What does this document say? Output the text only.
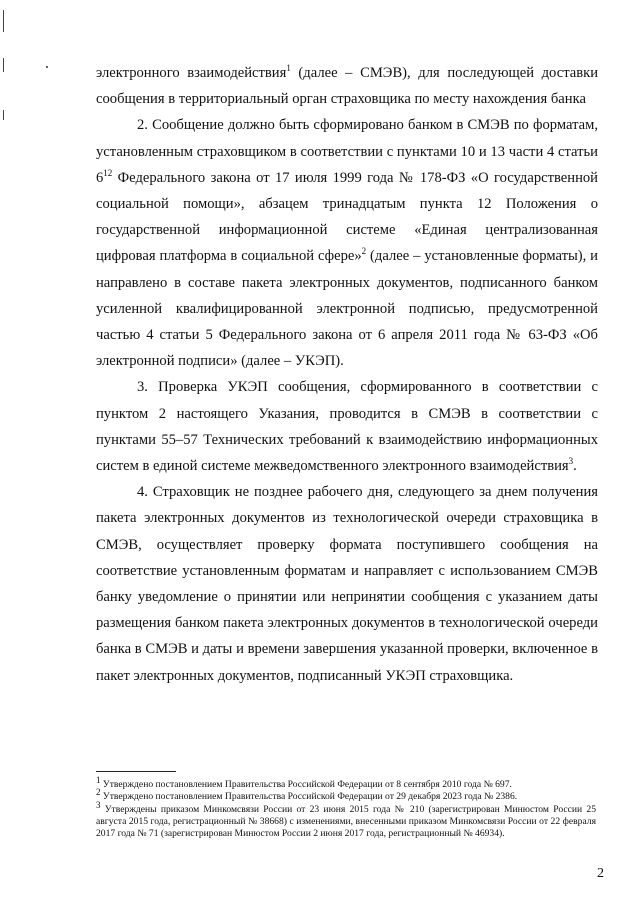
электронного взаимодействия$^1$ (далее – СМЭВ), для последующей доставки сообщения в территориальный орган страховщика по месту нахождения банка

2. Сообщение должно быть сформировано банком в СМЭВ по форматам, установленным страховщиком в соответствии с пунктами 10 и 13 части 4 статьи $6^{12}$ Федерального закона от 17 июля 1999 года № 178-ФЗ «О государственной социальной помощи», абзацем тринадцатым пункта 12 Положения о государственной информационной системе «Единая централизованная цифровая платформа в социальной сфере»$^2$ (далее – установленные форматы), и направлено в составе пакета электронных документов, подписанного банком усиленной квалифицированной электронной подписью, предусмотренной частью 4 статьи 5 Федерального закона от 6 апреля 2011 года № 63-ФЗ «Об электронной подписи» (далее – УКЭП).

3. Проверка УКЭП сообщения, сформированного в соответствии с пунктом 2 настоящего Указания, проводится в СМЭВ в соответствии с пунктами 55–57 Технических требований к взаимодействию информационных систем в единой системе межведомственного электронного взаимодействия$^3$.

4. Страховщик не позднее рабочего дня, следующего за днем получения пакета электронных документов из технологической очереди страховщика в СМЭВ, осуществляет проверку формата поступившего сообщения на соответствие установленным форматам и направляет с использованием СМЭВ банку уведомление о принятии или непринятии сообщения с указанием даты размещения банком пакета электронных документов в технологической очереди банка в СМЭВ и даты и времени завершения указанной проверки, включенное в пакет электронных документов, подписанный УКЭП страховщика.

$^1$ Утверждено постановлением Правительства Российской Федерации от 8 сентября 2010 года № 697.
$^2$ Утверждено постановлением Правительства Российской Федерации от 29 декабря 2023 года № 2386.
$^3$ Утверждены приказом Минкомсвязи России от 23 июня 2015 года № 210 (зарегистрирован Минюстом России 25 августа 2015 года, регистрационный № 38668) с изменениями, внесенными приказом Минкомсвязи России от 22 февраля 2017 года № 71 (зарегистрирован Минюстом России 2 июня 2017 года, регистрационный № 46934).
2
